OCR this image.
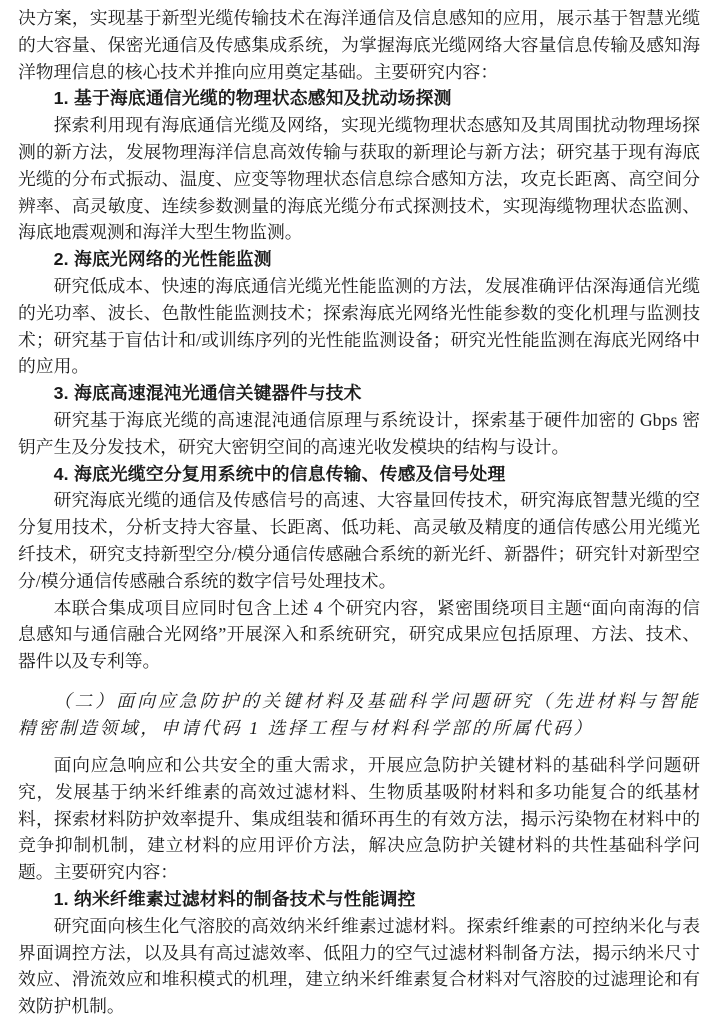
决方案，实现基于新型光缆传输技术在海洋通信及信息感知的应用，展示基于智慧光缆的大容量、保密光通信及传感集成系统，为掌握海底光缆网络大容量信息传输及感知海洋物理信息的核心技术并推向应用奠定基础。主要研究内容：

1. 基于海底通信光缆的物理状态感知及扰动场探测

探索利用现有海底通信光缆及网络，实现光缆物理状态感知及其周围扰动物理场探测的新方法，发展物理海洋信息高效传输与获取的新理论与新方法；研究基于现有海底光缆的分布式振动、温度、应变等物理状态信息综合感知方法，攻克长距离、高空间分辨率、高灵敏度、连续参数测量的海底光缆分布式探测技术，实现海缆物理状态监测、海底地震观测和海洋大型生物监测。

2. 海底光网络的光性能监测

研究低成本、快速的海底通信光缆光性能监测的方法，发展准确评估深海通信光缆的光功率、波长、色散性能监测技术；探索海底光网络光性能参数的变化机理与监测技术；研究基于盲估计和/或训练序列的光性能监测设备；研究光性能监测在海底光网络中的应用。

3. 海底高速混沌光通信关键器件与技术

研究基于海底光缆的高速混沌通信原理与系统设计，探索基于硬件加密的 Gbps 密钥产生及分发技术，研究大密钥空间的高速光收发模块的结构与设计。

4. 海底光缆空分复用系统中的信息传输、传感及信号处理

研究海底光缆的通信及传感信号的高速、大容量回传技术，研究海底智慧光缆的空分复用技术，分析支持大容量、长距离、低功耗、高灵敏及精度的通信传感公用光缆光纤技术，研究支持新型空分/模分通信传感融合系统的新光纤、新器件；研究针对新型空分/模分通信传感融合系统的数字信号处理技术。

本联合集成项目应同时包含上述 4 个研究内容，紧密围绕项目主题“面向南海的信息感知与通信融合光网络”开展深入和系统研究，研究成果应包括原理、方法、技术、器件以及专利等。

（二）面向应急防护的关键材料及基础科学问题研究（先进材料与智能精密制造领域，申请代码 1 选择工程与材料科学部的所属代码）

面向应急响应和公共安全的重大需求，开展应急防护关键材料的基础科学问题研究，发展基于纳米纤维素的高效过滤材料、生物质基吸附材料和多功能复合的纸基材料，探索材料防护效率提升、集成组装和循环再生的有效方法，揭示污染物在材料中的竞争抑制机制，建立材料的应用评价方法，解决应急防护关键材料的共性基础科学问题。主要研究内容：

1. 纳米纤维素过滤材料的制备技术与性能调控

研究面向核生化气溶胶的高效纳米纤维素过滤材料。探索纤维素的可控纳米化与表界面调控方法，以及具有高过滤效率、低阻力的空气过滤材料制备方法，揭示纳米尺寸效应、滑流效应和堆积模式的机理，建立纳米纤维素复合材料对气溶胶的过滤理论和有效防护机制。
